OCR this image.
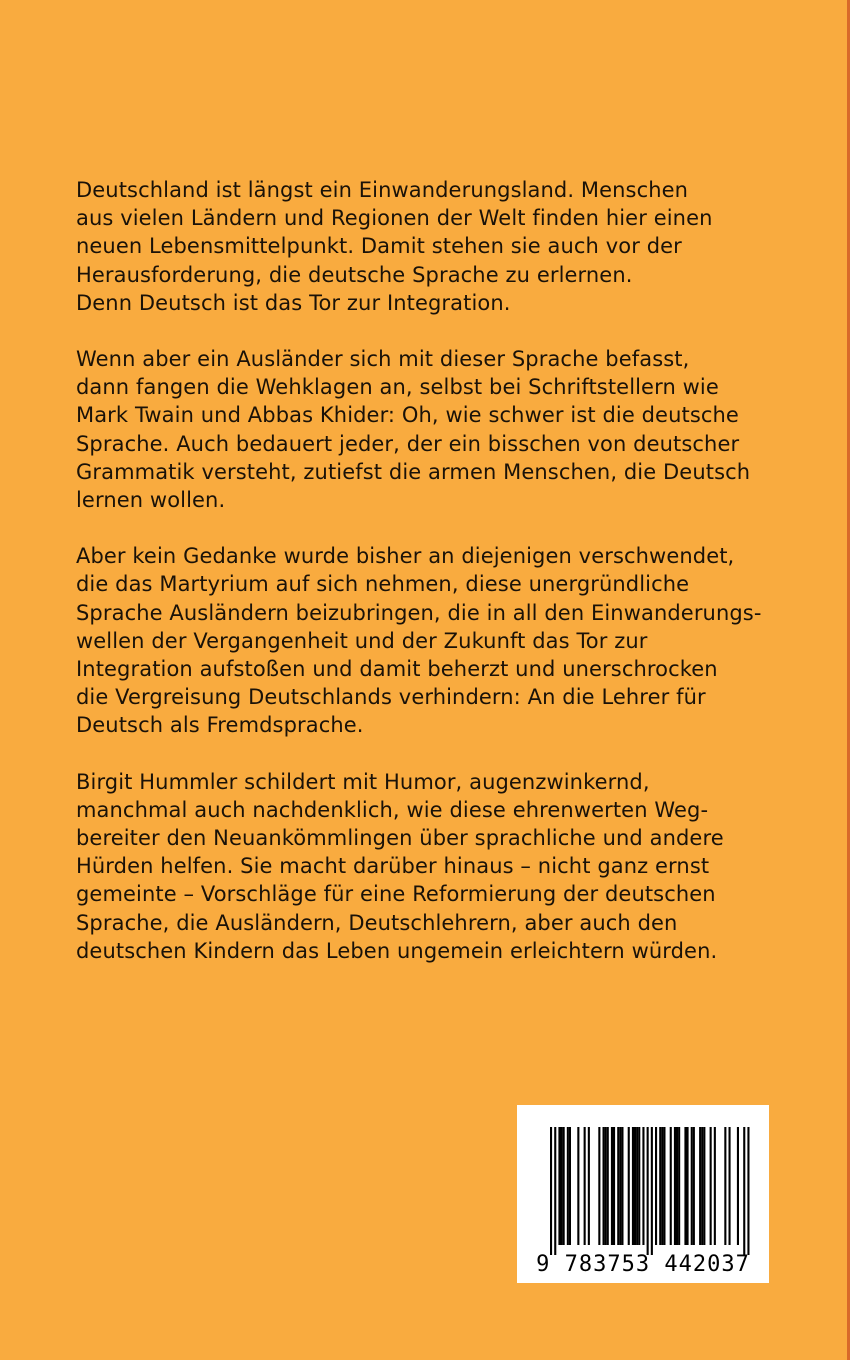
Deutschland ist längst ein Einwanderungsland. Menschen
aus vielen Ländern und Regionen der Welt finden hier einen
neuen Lebensmittelpunkt. Damit stehen sie auch vor der
Herausforderung, die deutsche Sprache zu erlernen.
Denn Deutsch ist das Tor zur Integration.

Wenn aber ein Ausländer sich mit dieser Sprache befasst,
dann fangen die Wehklagen an, selbst bei Schriftstellern wie
Mark Twain und Abbas Khider: Oh, wie schwer ist die deutsche
Sprache. Auch bedauert jeder, der ein bisschen von deutscher
Grammatik versteht, zutiefst die armen Menschen, die Deutsch
lernen wollen.

Aber kein Gedanke wurde bisher an diejenigen verschwendet,
die das Martyrium auf sich nehmen, diese unergründliche
Sprache Ausländern beizubringen, die in all den Einwanderungs-
wellen der Vergangenheit und der Zukunft das Tor zur
Integration aufstoßen und damit beherzt und unerschrocken
die Vergreisung Deutschlands verhindern: An die Lehrer für
Deutsch als Fremdsprache.

Birgit Hummler schildert mit Humor, augenzwinkernd,
manchmal auch nachdenklich, wie diese ehrenwerten Weg-
bereiter den Neuankömmlingen über sprachliche und andere
Hürden helfen. Sie macht darüber hinaus – nicht ganz ernst
gemeinte – Vorschläge für eine Reformierung der deutschen
Sprache, die Ausländern, Deutschlehrern, aber auch den
deutschen Kindern das Leben ungemein erleichtern würden.

9 783753 442037
